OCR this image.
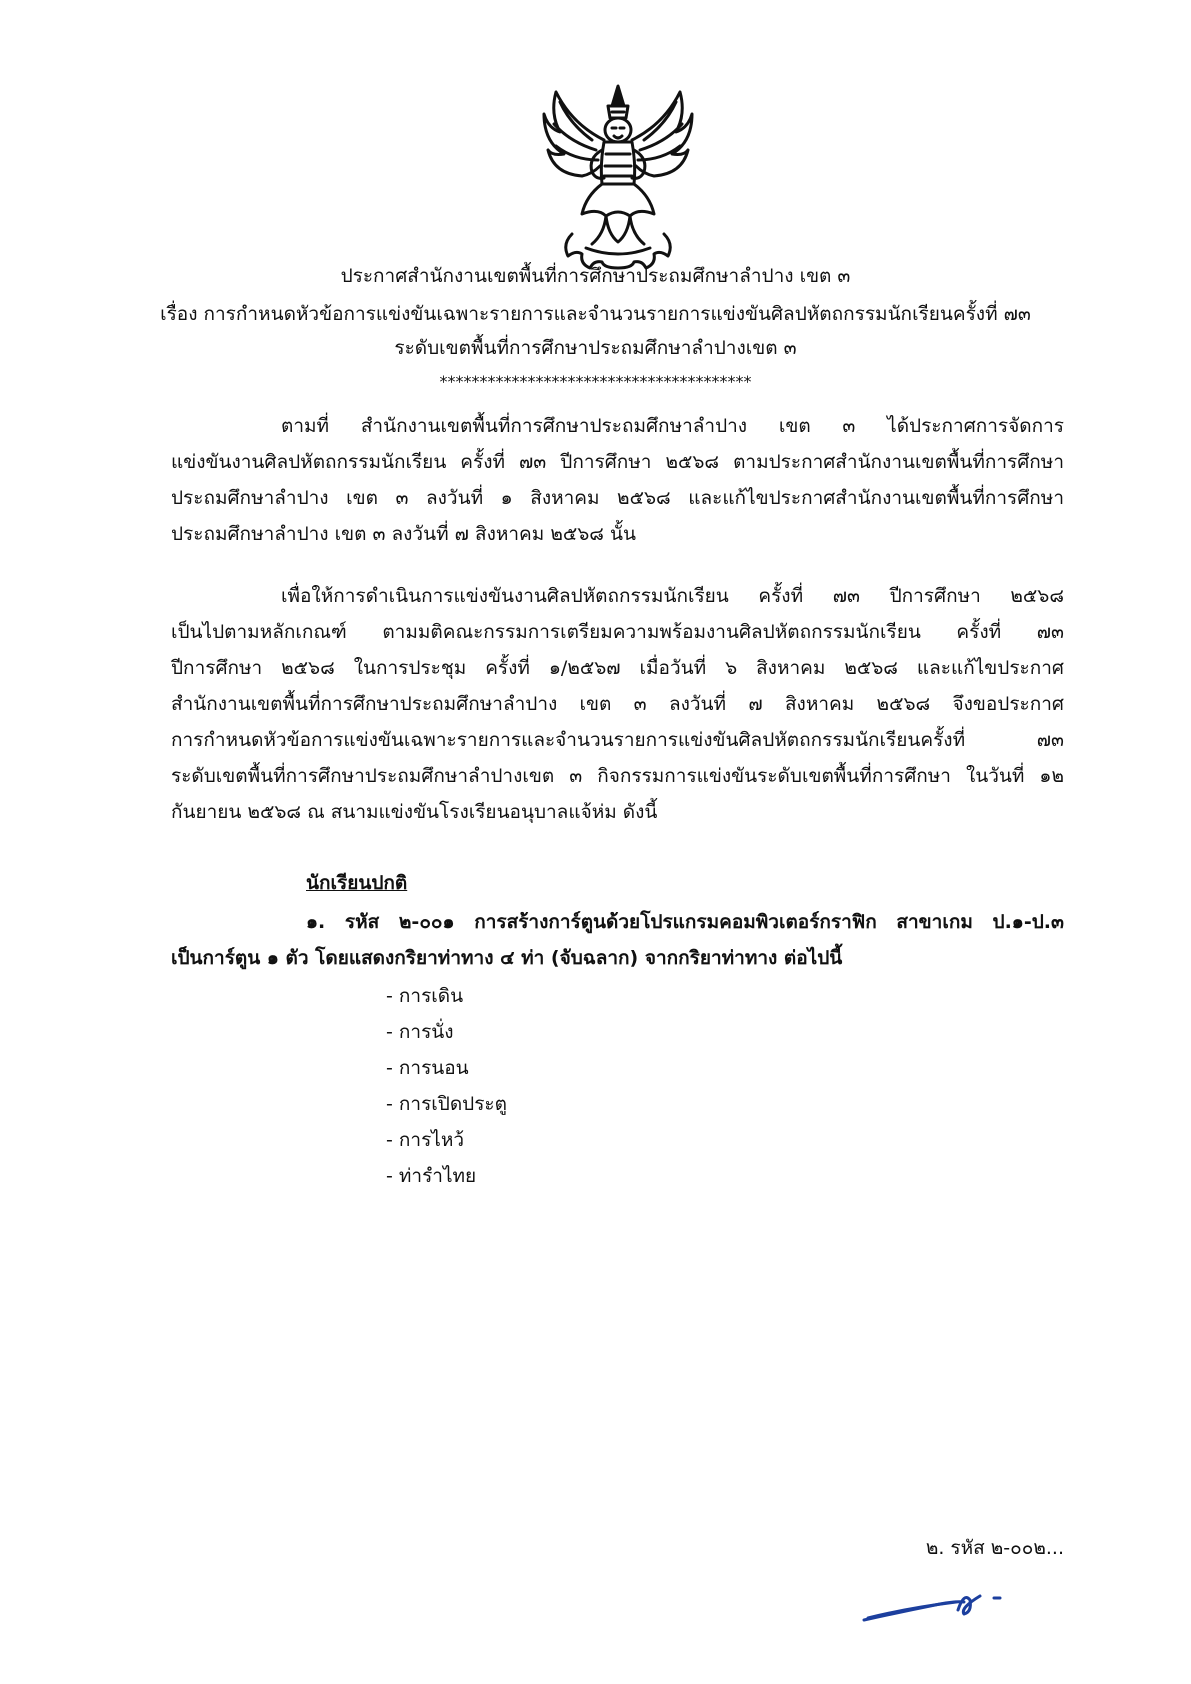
ประกาศสำนักงานเขตพื้นที่การศึกษาประถมศึกษาลำปาง เขต ๓
เรื่อง การกำหนดหัวข้อการแข่งขันเฉพาะรายการและจำนวนรายการแข่งขันศิลปหัตถกรรมนักเรียนครั้งที่ ๗๓
ระดับเขตพื้นที่การศึกษาประถมศึกษาลำปางเขต ๓
***************************************
ตามที่ สำนักงานเขตพื้นที่การศึกษาประถมศึกษาลำปาง เขต ๓ ได้ประกาศการจัดการ
แข่งขันงานศิลปหัตถกรรมนักเรียน ครั้งที่ ๗๓ ปีการศึกษา ๒๕๖๘ ตามประกาศสำนักงานเขตพื้นที่การศึกษา
ประถมศึกษาลำปาง เขต ๓ ลงวันที่ ๑ สิงหาคม ๒๕๖๘ และแก้ไขประกาศสำนักงานเขตพื้นที่การศึกษา
ประถมศึกษาลำปาง เขต ๓ ลงวันที่ ๗ สิงหาคม ๒๕๖๘ นั้น
เพื่อให้การดำเนินการแข่งขันงานศิลปหัตถกรรมนักเรียน ครั้งที่ ๗๓ ปีการศึกษา ๒๕๖๘
เป็นไปตามหลักเกณฑ์ ตามมติคณะกรรมการเตรียมความพร้อมงานศิลปหัตถกรรมนักเรียน ครั้งที่ ๗๓
ปีการศึกษา ๒๕๖๘ ในการประชุม ครั้งที่ ๑/๒๕๖๗ เมื่อวันที่ ๖ สิงหาคม ๒๕๖๘ และแก้ไขประกาศ
สำนักงานเขตพื้นที่การศึกษาประถมศึกษาลำปาง เขต ๓ ลงวันที่ ๗ สิงหาคม ๒๕๖๘ จึงขอประกาศ
การกำหนดหัวข้อการแข่งขันเฉพาะรายการและจำนวนรายการแข่งขันศิลปหัตถกรรมนักเรียนครั้งที่ ๗๓
ระดับเขตพื้นที่การศึกษาประถมศึกษาลำปางเขต ๓ กิจกรรมการแข่งขันระดับเขตพื้นที่การศึกษา ในวันที่ ๑๒
กันยายน ๒๕๖๘ ณ สนามแข่งขันโรงเรียนอนุบาลแจ้ห่ม ดังนี้
นักเรียนปกติ
๑. รหัส ๒-๐๐๑ การสร้างการ์ตูนด้วยโปรแกรมคอมพิวเตอร์กราฟิก สาขาเกม ป.๑-ป.๓
เป็นการ์ตูน ๑ ตัว โดยแสดงกริยาท่าทาง ๔ ท่า (จับฉลาก) จากกริยาท่าทาง ต่อไปนี้
- การเดิน
- การนั่ง
- การนอน
- การเปิดประตู
- การไหว้
- ท่ารำไทย
๒. รหัส ๒-๐๐๒...
